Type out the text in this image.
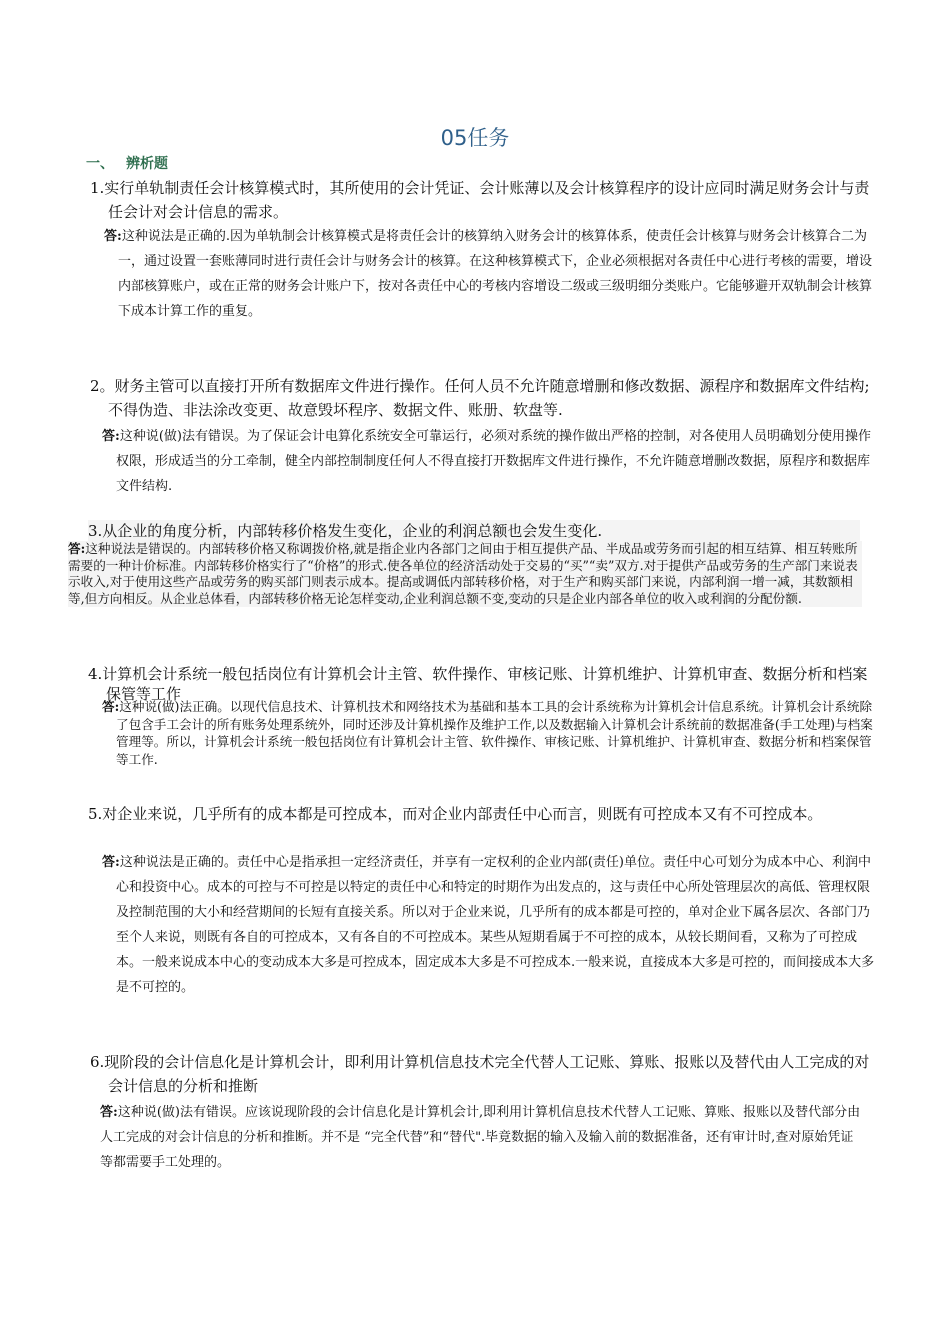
05任务
一、 辨析题
1.实行单轨制责任会计核算模式时，其所使用的会计凭证、会计账薄以及会计核算程序的设计应同时满足财务会计与责任会计对会计信息的需求。
答:这种说法是正确的.因为单轨制会计核算模式是将责任会计的核算纳入财务会计的核算体系，使责任会计核算与财务会计核算合二为一，通过设置一套账薄同时进行责任会计与财务会计的核算。在这种核算模式下，企业必须根据对各责任中心进行考核的需要，增设内部核算账户，或在正常的财务会计账户下，按对各责任中心的考核内容增设二级或三级明细分类账户。它能够避开双轨制会计核算下成本计算工作的重复。
2。财务主管可以直接打开所有数据库文件进行操作。任何人员不允许随意增删和修改数据、源程序和数据库文件结构;不得伪造、非法涂改变更、故意毁坏程序、数据文件、账册、软盘等.
答:这种说(做)法有错误。为了保证会计电算化系统安全可靠运行，必须对系统的操作做出严格的控制，对各使用人员明确划分使用操作权限，形成适当的分工牵制，健全内部控制制度任何人不得直接打开数据库文件进行操作，不允许随意增删改数据，原程序和数据库文件结构.
3.从企业的角度分析，内部转移价格发生变化，企业的利润总额也会发生变化.
答:这种说法是错误的。内部转移价格又称调拨价格,就是指企业内各部门之间由于相互提供产品、半成品或劳务而引起的相互结算、相互转账所需要的一种计价标准。内部转移价格实行了“价格”的形式.使各单位的经济活动处于交易的“买”“卖”双方.对于提供产品或劳务的生产部门来说表示收入,对于使用这些产品或劳务的购买部门则表示成本。提高或调低内部转移价格，对于生产和购买部门来说，内部利润一增一减，其数额相等,但方向相反。从企业总体看，内部转移价格无论怎样变动,企业利润总额不变,变动的只是企业内部各单位的收入或利润的分配份额.
4.计算机会计系统一般包括岗位有计算机会计主管、软件操作、审核记账、计算机维护、计算机审查、数据分析和档案保管等工作
答:这种说(做)法正确。以现代信息技术、计算机技术和网络技术为基础和基本工具的会计系统称为计算机会计信息系统。计算机会计系统除了包含手工会计的所有账务处理系统外，同时还涉及计算机操作及维护工作,以及数据输入计算机会计系统前的数据准备(手工处理)与档案管理等。所以，计算机会计系统一般包括岗位有计算机会计主管、软件操作、审核记账、计算机维护、计算机审查、数据分析和档案保管等工作.
5.对企业来说，几乎所有的成本都是可控成本，而对企业内部责任中心而言，则既有可控成本又有不可控成本。
答:这种说法是正确的。责任中心是指承担一定经济责任，并享有一定权利的企业内部(责任)单位。责任中心可划分为成本中心、利润中心和投资中心。成本的可控与不可控是以特定的责任中心和特定的时期作为出发点的，这与责任中心所处管理层次的高低、管理权限及控制范围的大小和经营期间的长短有直接关系。所以对于企业来说，几乎所有的成本都是可控的，单对企业下属各层次、各部门乃至个人来说，则既有各自的可控成本，又有各自的不可控成本。某些从短期看属于不可控的成本，从较长期间看，又称为了可控成本。一般来说成本中心的变动成本大多是可控成本，固定成本大多是不可控成本.一般来说，直接成本大多是可控的，而间接成本大多是不可控的。
6.现阶段的会计信息化是计算机会计，即利用计算机信息技术完全代替人工记账、算账、报账以及替代由人工完成的对会计信息的分析和推断
答:这种说(做)法有错误。应该说现阶段的会计信息化是计算机会计,即利用计算机信息技术代替人工记账、算账、报账以及替代部分由人工完成的对会计信息的分析和推断。并不是 “完全代替”和“替代".毕竟数据的输入及输入前的数据准备，还有审计时,查对原始凭证等都需要手工处理的。
